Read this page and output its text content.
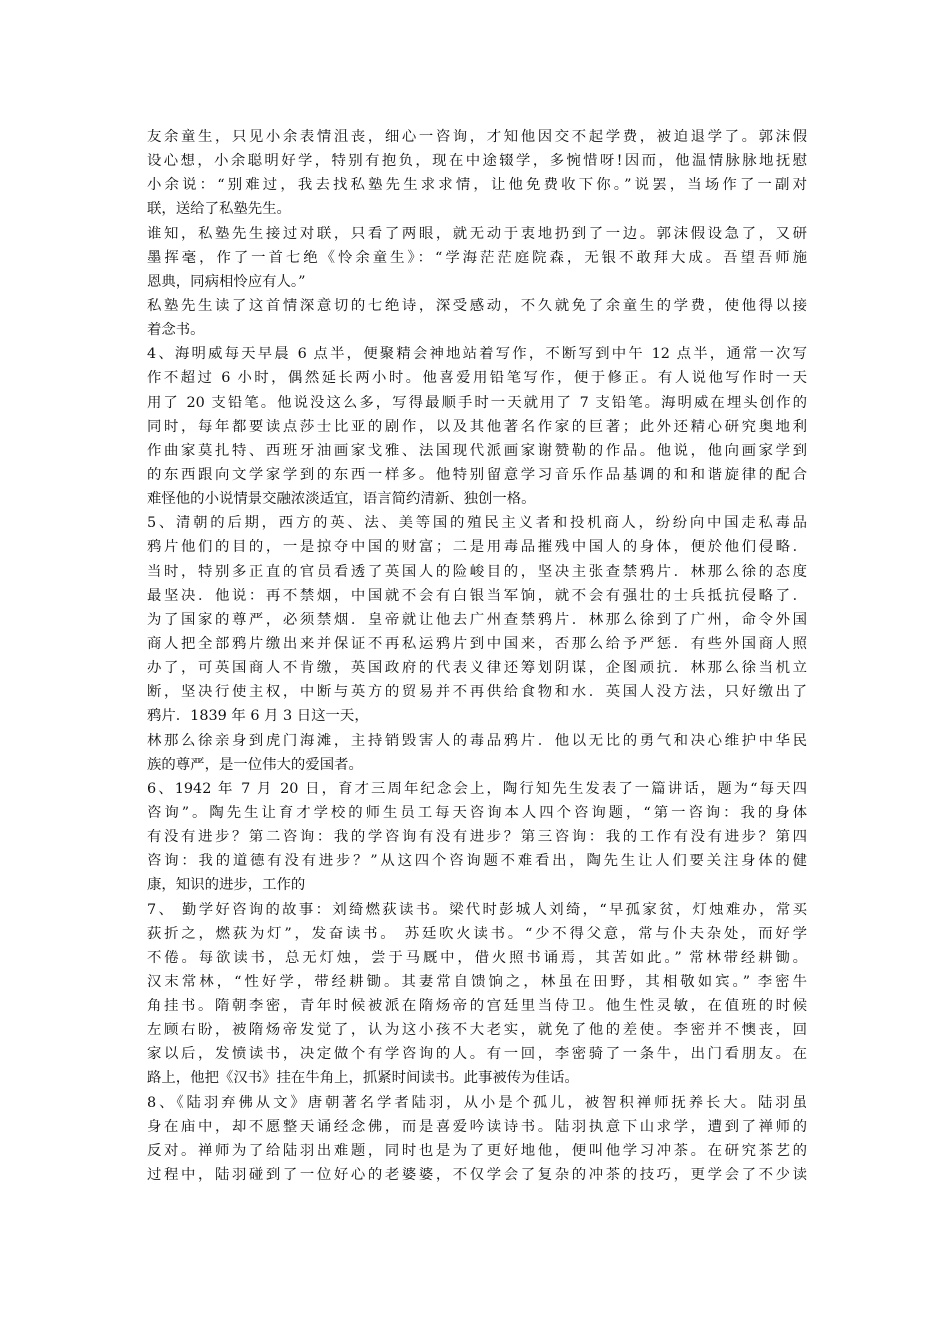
友余童生，只见小余表情沮丧，细心一咨询，才知他因交不起学费，被迫退学了。郭沫假
设心想，小余聪明好学，特别有抱负，现在中途辍学，多惋惜呀!因而，他温情脉脉地抚慰
小余说：“别难过，我去找私塾先生求求情，让他免费收下你。”说罢，当场作了一副对
联，送给了私塾先生。
谁知，私塾先生接过对联，只看了两眼，就无动于衷地扔到了一边。郭沫假设急了，又研
墨挥毫，作了一首七绝《怜余童生》：“学海茫茫庭院森，无银不敢拜大成。吾望吾师施
恩典，同病相怜应有人。”
私塾先生读了这首情深意切的七绝诗，深受感动，不久就免了余童生的学费，使他得以接
着念书。
4、海明威每天早晨 6 点半，便聚精会神地站着写作，不断写到中午 12 点半，通常一次写
作不超过 6 小时，偶然延长两小时。他喜爱用铅笔写作，便于修正。有人说他写作时一天
用了 20 支铅笔。他说没这么多，写得最顺手时一天就用了 7 支铅笔。海明威在埋头创作的
同时，每年都要读点莎士比亚的剧作，以及其他著名作家的巨著；此外还精心研究奥地利
作曲家莫扎特、西班牙油画家戈雅、法国现代派画家谢赞勒的作品。他说，他向画家学到
的东西跟向文学家学到的东西一样多。他特别留意学习音乐作品基调的和和谐旋律的配合
难怪他的小说情景交融浓淡适宜，语言简约清新、独创一格。
5、清朝的后期，西方的英、法、美等国的殖民主义者和投机商人，纷纷向中国走私毒品
鸦片他们的目的，一是掠夺中国的财富；二是用毒品摧残中国人的身体，便於他们侵略．
当时，特别多正直的官员看透了英国人的险峻目的，坚决主张查禁鸦片．林那么徐的态度
最坚决．他说：再不禁烟，中国就不会有白银当军饷，就不会有强壮的士兵抵抗侵略了．
为了国家的尊严，必须禁烟．皇帝就让他去广州查禁鸦片．林那么徐到了广州，命令外国
商人把全部鸦片缴出来并保证不再私运鸦片到中国来，否那么给予严惩．有些外国商人照
办了，可英国商人不肯缴，英国政府的代表义律还筹划阴谋，企图顽抗．林那么徐当机立
断，坚决行使主权，中断与英方的贸易并不再供给食物和水．英国人没方法，只好缴出了
鸦片．1839 年 6 月 3 日这一天，
林那么徐亲身到虎门海滩，主持销毁害人的毒品鸦片．他以无比的勇气和决心维护中华民
族的尊严，是一位伟大的爱国者。
6、1942 年 7 月 20 日，育才三周年纪念会上，陶行知先生发表了一篇讲话，题为“每天四
咨询”。陶先生让育才学校的师生员工每天咨询本人四个咨询题，“第一咨询：我的身体
有没有进步？第二咨询：我的学咨询有没有进步？第三咨询：我的工作有没有进步？第四
咨询：我的道德有没有进步？”从这四个咨询题不难看出，陶先生让人们要关注身体的健
康，知识的进步，工作的
7、 勤学好咨询的故事：刘绮燃荻读书。梁代时彭城人刘绮，“早孤家贫，灯烛难办，常买
荻折之，燃荻为灯”，发奋读书。 苏廷吹火读书。“少不得父意，常与仆夫杂处，而好学
不倦。每欲读书，总无灯烛，尝于马厩中，借火照书诵焉，其苦如此。” 常林带经耕锄。
汉末常林，“性好学，带经耕锄。其妻常自馈饷之，林虽在田野，其相敬如宾。” 李密牛
角挂书。隋朝李密，青年时候被派在隋炀帝的宫廷里当侍卫。他生性灵敏，在值班的时候
左顾右盼，被隋炀帝发觉了，认为这小孩不大老实，就免了他的差使。李密并不懊丧，回
家以后，发愤读书，决定做个有学咨询的人。有一回，李密骑了一条牛，出门看朋友。在
路上，他把《汉书》挂在牛角上，抓紧时间读书。此事被传为佳话。
8、《陆羽弃佛从文》唐朝著名学者陆羽，从小是个孤儿，被智积禅师抚养长大。陆羽虽
身在庙中，却不愿整天诵经念佛，而是喜爱吟读诗书。陆羽执意下山求学，遭到了禅师的
反对。禅师为了给陆羽出难题，同时也是为了更好地他，便叫他学习冲茶。在研究茶艺的
过程中，陆羽碰到了一位好心的老婆婆，不仅学会了复杂的冲茶的技巧，更学会了不少读
